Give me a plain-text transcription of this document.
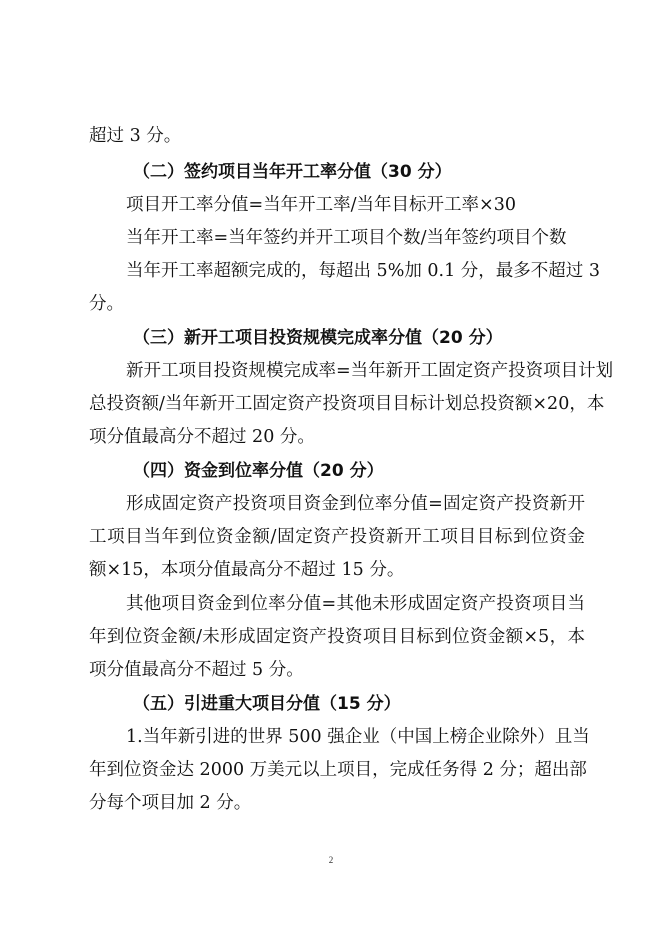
超过 3 分。
（二）签约项目当年开工率分值（30 分）
项目开工率分值=当年开工率/当年目标开工率×30
当年开工率=当年签约并开工项目个数/当年签约项目个数
当年开工率超额完成的，每超出 5%加 0.1 分，最多不超过 3
分。
（三）新开工项目投资规模完成率分值（20 分）
新开工项目投资规模完成率=当年新开工固定资产投资项目计划
总投资额/当年新开工固定资产投资项目目标计划总投资额×20，本
项分值最高分不超过 20 分。
（四）资金到位率分值（20 分）
形成固定资产投资项目资金到位率分值=固定资产投资新开
工项目当年到位资金额/固定资产投资新开工项目目标到位资金
额×15，本项分值最高分不超过 15 分。
其他项目资金到位率分值=其他未形成固定资产投资项目当
年到位资金额/未形成固定资产投资项目目标到位资金额×5，本
项分值最高分不超过 5 分。
（五）引进重大项目分值（15 分）
1.当年新引进的世界 500 强企业（中国上榜企业除外）且当
年到位资金达 2000 万美元以上项目，完成任务得 2 分；超出部
分每个项目加 2 分。
2
